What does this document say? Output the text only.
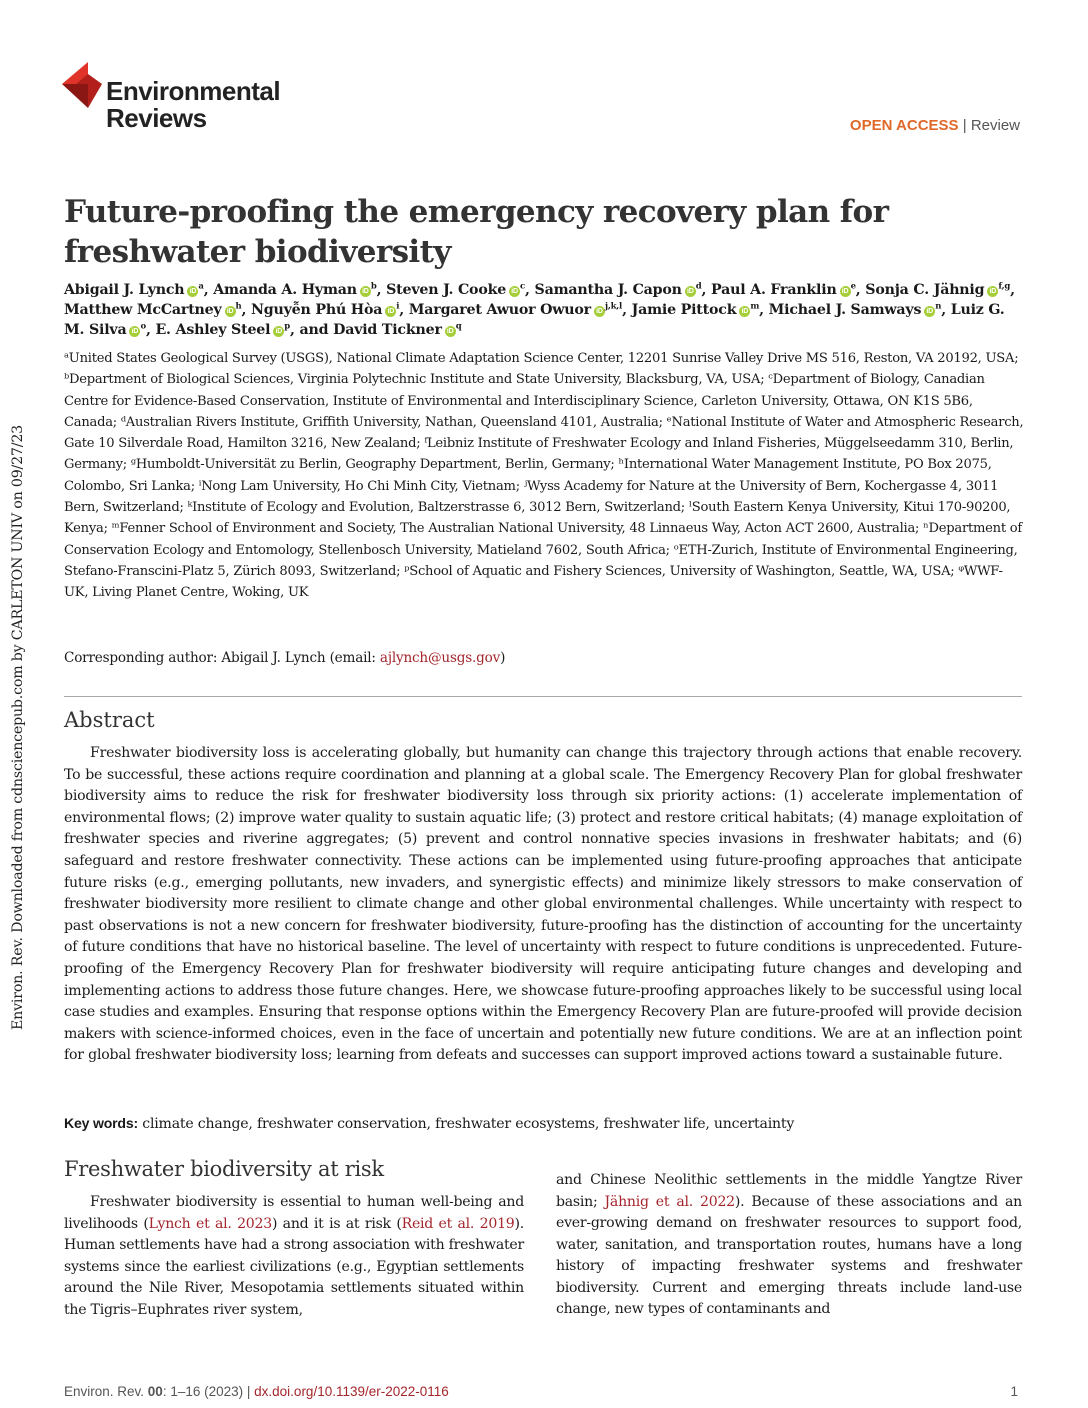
Environ. Rev. Downloaded from cdnsciencepub.com by CARLETON UNIV on 09/27/23
Environmental
Reviews	OPEN ACCESS | Review
Future-proofing the emergency recovery plan for freshwater biodiversity
Abigail J. Lynch iD$^a$, Amanda A. Hyman iD$^b$, Steven J. Cooke iD$^c$, Samantha J. Capon iD$^d$, Paul A. Franklin iD$^e$, Sonja C. Jähnig iD$^{f,g}$, Matthew McCartney iD$^h$, Nguyễn Phú Hòa iD$^i$, Margaret Awuor Owuor iD$^{j,k,l}$, Jamie Pittock iD$^m$, Michael J. Samways iD$^n$, Luiz G. M. Silva iD$^o$, E. Ashley Steel iD$^p$, and David Tickner iD$^q$
ᵃUnited States Geological Survey (USGS), National Climate Adaptation Science Center, 12201 Sunrise Valley Drive MS 516, Reston, VA 20192, USA; ᵇDepartment of Biological Sciences, Virginia Polytechnic Institute and State University, Blacksburg, VA, USA; ᶜDepartment of Biology, Canadian Centre for Evidence-Based Conservation, Institute of Environmental and Interdisciplinary Science, Carleton University, Ottawa, ON K1S 5B6, Canada; ᵈAustralian Rivers Institute, Griffith University, Nathan, Queensland 4101, Australia; ᵉNational Institute of Water and Atmospheric Research, Gate 10 Silverdale Road, Hamilton 3216, New Zealand; ᶠLeibniz Institute of Freshwater Ecology and Inland Fisheries, Müggelseedamm 310, Berlin, Germany; ᵍHumboldt-Universität zu Berlin, Geography Department, Berlin, Germany; ʰInternational Water Management Institute, PO Box 2075, Colombo, Sri Lanka; ⁱNong Lam University, Ho Chi Minh City, Vietnam; ʲWyss Academy for Nature at the University of Bern, Kochergasse 4, 3011 Bern, Switzerland; ᵏInstitute of Ecology and Evolution, Baltzerstrasse 6, 3012 Bern, Switzerland; ˡSouth Eastern Kenya University, Kitui 170-90200, Kenya; ᵐFenner School of Environment and Society, The Australian National University, 48 Linnaeus Way, Acton ACT 2600, Australia; ⁿDepartment of Conservation Ecology and Entomology, Stellenbosch University, Matieland 7602, South Africa; ᵒETH-Zurich, Institute of Environmental Engineering, Stefano-Franscini-Platz 5, Zürich 8093, Switzerland; ᵖSchool of Aquatic and Fishery Sciences, University of Washington, Seattle, WA, USA; ᵠWWF-UK, Living Planet Centre, Woking, UK
Corresponding author: Abigail J. Lynch (email: ajlynch@usgs.gov)
Abstract
Freshwater biodiversity loss is accelerating globally, but humanity can change this trajectory through actions that enable recovery. To be successful, these actions require coordination and planning at a global scale. The Emergency Recovery Plan for global freshwater biodiversity aims to reduce the risk for freshwater biodiversity loss through six priority actions: (1) accelerate implementation of environmental flows; (2) improve water quality to sustain aquatic life; (3) protect and restore critical habitats; (4) manage exploitation of freshwater species and riverine aggregates; (5) prevent and control nonnative species invasions in freshwater habitats; and (6) safeguard and restore freshwater connectivity. These actions can be implemented using future-proofing approaches that anticipate future risks (e.g., emerging pollutants, new invaders, and synergistic effects) and minimize likely stressors to make conservation of freshwater biodiversity more resilient to climate change and other global environmental challenges. While uncertainty with respect to past observations is not a new concern for freshwater biodiversity, future-proofing has the distinction of accounting for the uncertainty of future conditions that have no historical baseline. The level of uncertainty with respect to future conditions is unprecedented. Future-proofing of the Emergency Recovery Plan for freshwater biodiversity will require anticipating future changes and developing and implementing actions to address those future changes. Here, we showcase future-proofing approaches likely to be successful using local case studies and examples. Ensuring that response options within the Emergency Recovery Plan are future-proofed will provide decision makers with science-informed choices, even in the face of uncertain and potentially new future conditions. We are at an inflection point for global freshwater biodiversity loss; learning from defeats and successes can support improved actions toward a sustainable future.
Key words: climate change, freshwater conservation, freshwater ecosystems, freshwater life, uncertainty
Freshwater biodiversity at risk
Freshwater biodiversity is essential to human well-being and livelihoods (Lynch et al. 2023) and it is at risk (Reid et al. 2019). Human settlements have had a strong association with freshwater systems since the earliest civilizations (e.g., Egyptian settlements around the Nile River, Mesopotamia settlements situated within the Tigris–Euphrates river system,
and Chinese Neolithic settlements in the middle Yangtze River basin; Jähnig et al. 2022). Because of these associations and an ever-growing demand on freshwater resources to support food, water, sanitation, and transportation routes, humans have a long history of impacting freshwater systems and freshwater biodiversity. Current and emerging threats include land-use change, new types of contaminants and
Environ. Rev. 00: 1–16 (2023) | dx.doi.org/10.1139/er-2022-0116	1
